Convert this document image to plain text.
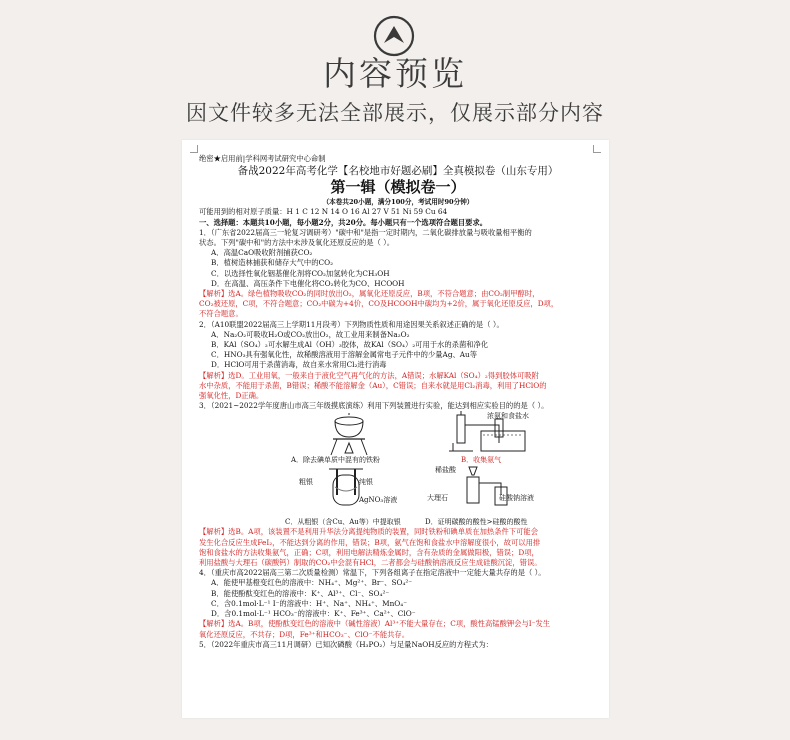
内容预览
因文件较多无法全部展示，仅展示部分内容
绝密★启用前|学科网考试研究中心命制
备战2022年高考化学【名校地市好题必刷】全真模拟卷（山东专用）
第一辑（模拟卷一）
（本卷共20小题，满分100分，考试用时90分钟）
可能用到的相对原子质量：H 1 C 12 N 14 O 16 Al 27 V 51 Ni 59 Cu 64
一、选择题：本题共10小题，每小题2分，共20分。每小题只有一个选项符合题目要求。
1．（广东省2022届高三一轮复习调研考）"碳中和"是指一定时期内，二氧化碳排放量与吸收量相平衡的
状态。下列"碳中和"的方法中未涉及氧化还原反应的是（ ）。
A．高温CaO吸收附剂捕获CO₂
B．植树造林捕获和储存大气中的CO₂
C．以选择性氧化铟基催化剂将CO₂加氢转化为CH₃OH
D．在高温、高压条件下电催化将CO₂转化为CO、HCOOH
【解析】选A。绿色植物吸收CO₂的同时放出O₂，属氧化还原反应，B项，不符合题意；由CO₂制甲醇时，
CO₂被还原，C项，不符合题意；CO₂中碳为+4价，CO及HCOOH中碳均为+2价，属于氧化还原反应，D项，
不符合题意。
2．（A10联盟2022届高三上学期11月段考）下列物质性质和用途因果关系叙述正确的是（ ）。
A．Na₂O₂可吸收H₂O或CO₂放出O₂，故工业用来制备Na₂O₂
B．KAl（SO₄）₂可水解生成Al（OH）₃胶体，故KAl（SO₄）₂可用于水的杀菌和净化
C．HNO₃具有强氧化性，故稀酸溶液用于溶解金属常电子元件中的少量Ag、Au等
D．HClO可用于杀菌消毒，故自来水常用Cl₂进行消毒
【解析】选D。工业用氧，一般来自于液化空气再气化的方法，A错误；水解KAl（SO₄）₂得到胶体可吸附
水中杂质，不能用于杀菌，B错误；稀酸不能溶解金（Au），C错误；自来水就是用Cl₂消毒，利用了HClO的
强氧化性，D正确。
3．（2021~2022学年度唐山市高三年级摸底演练）利用下列装置进行实验，能达到相应实验目的的是（ ）。
浓氨和食盐水
A．除去碘单质中混有的铁粉	B．收集氨气
粗银	纯银
AgNO₃溶液
稀盐酸
大理石	硅酸钠溶液
C．从粗银（含Cu、Au等）中提取银	D．证明碳酸的酸性>硅酸的酸性
【解析】选B。A项，该装置不是利用升华法分离提纯物质的装置，同时铁粉和碘单质在加热条件下可能会
发生化合反应生成FeI₂，不能达到分离的作用，错误；B项，氨气在饱和食盐水中溶解度很小，故可以用排
饱和食盐水的方法收集氨气，正确；C项，利用电解法精炼金属时，含有杂质的金属做阳极，错误；D项，
利用盐酸与大理石（碳酸钙）制取的CO₂中会混有HCl，二者都会与硅酸钠溶液反应生成硅酸沉淀，错误。
4．（重庆市高2022届高三第二次质量检测）常温下，下列各组离子在指定溶液中一定能大量共存的是（ ）。
A．能使甲基橙变红色的溶液中：NH₄⁺、Mg²⁺、Br⁻、SO₄²⁻
B．能使酚酞变红色的溶液中：K⁺、Al³⁺、Cl⁻、SO₄²⁻
C．含0.1mol·L⁻¹ I⁻的溶液中：H⁺、Na⁺、NH₄⁺、MnO₄⁻
D．含0.1mol·L⁻¹ HCO₃⁻的溶液中：K⁺、Fe³⁺、Ca²⁺、ClO⁻
【解析】选A。B项，使酚酞变红色的溶液中（碱性溶液）Al³⁺不能大量存在；C项，酸性高锰酸钾会与I⁻发生
氧化还原反应，不共存；D项，Fe³⁺和HCO₃⁻、ClO⁻不能共存。
5．（2022年重庆市高三11月调研）已知次磷酸（H₃PO₂）与足量NaOH反应的方程式为：
